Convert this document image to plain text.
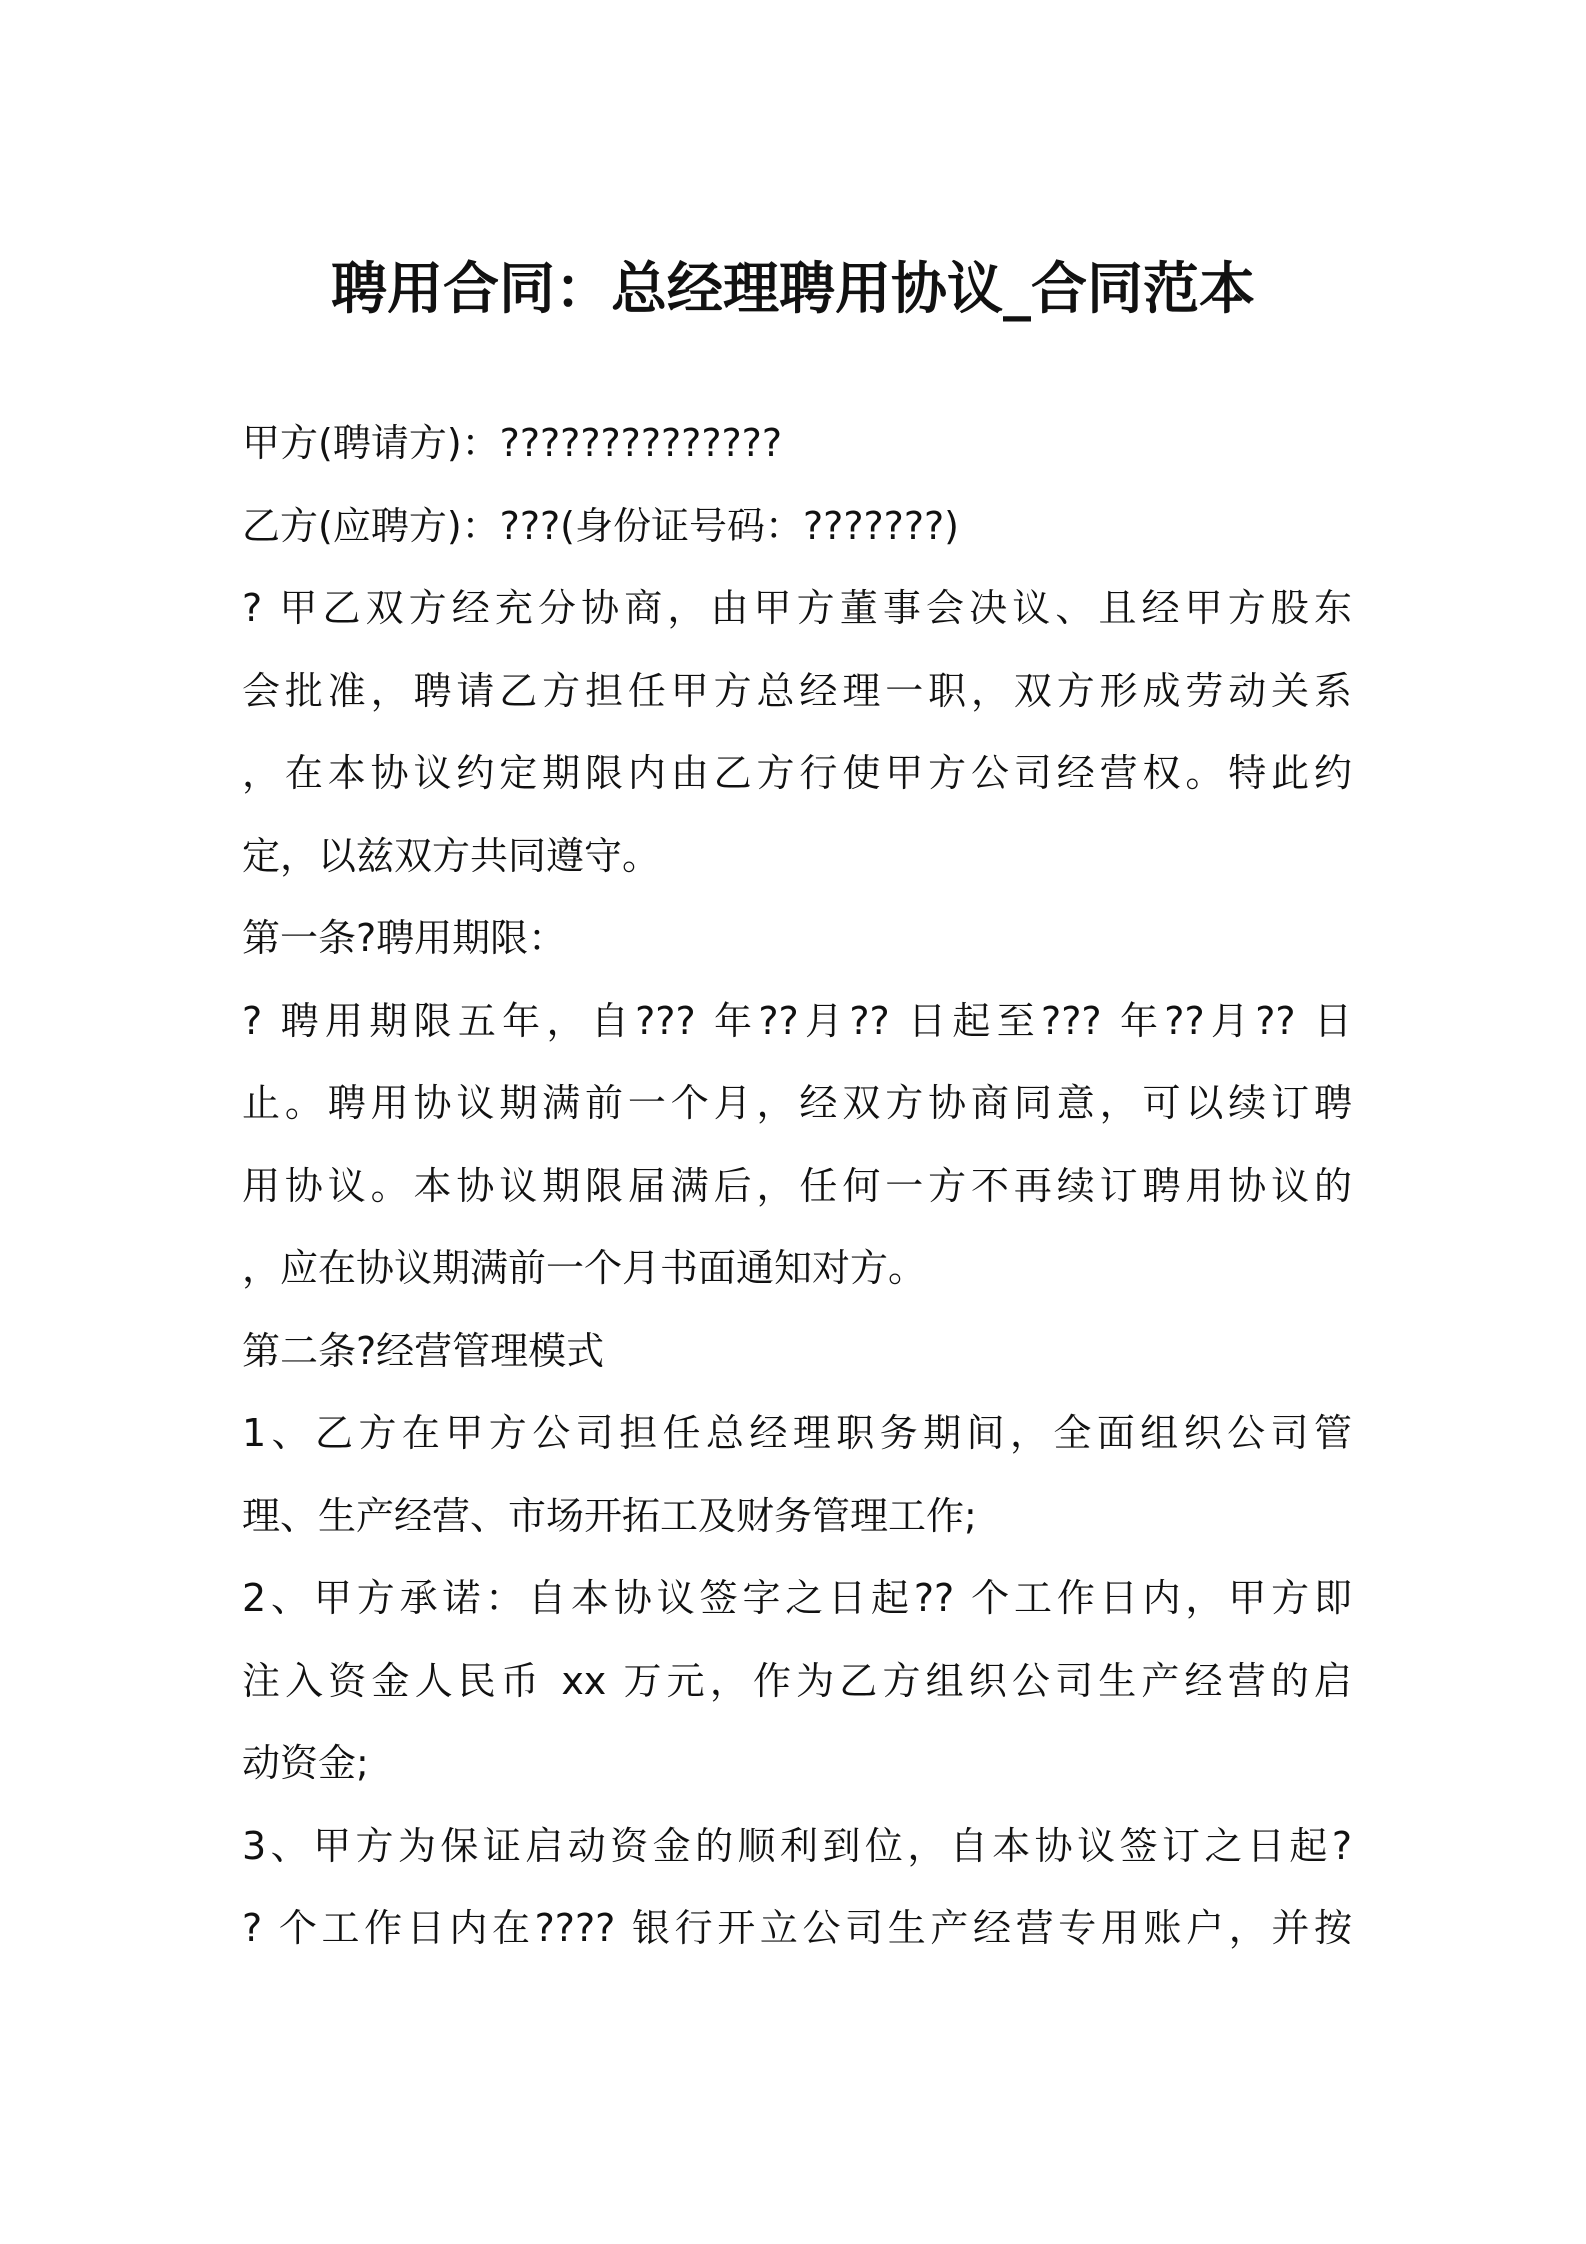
聘用合同：总经理聘用协议_合同范本
甲方(聘请方)：??????????????
乙方(应聘方)：???(身份证号码：???????)
? 甲乙双方经充分协商，由甲方董事会决议、且经甲方股东
会批准，聘请乙方担任甲方总经理一职，双方形成劳动关系
，在本协议约定期限内由乙方行使甲方公司经营权。特此约
定，以兹双方共同遵守。
第一条?聘用期限：
? 聘用期限五年，自??? 年??月?? 日起至??? 年??月?? 日
止。聘用协议期满前一个月，经双方协商同意，可以续订聘
用协议。本协议期限届满后，任何一方不再续订聘用协议的
，应在协议期满前一个月书面通知对方。
第二条?经营管理模式
1、乙方在甲方公司担任总经理职务期间，全面组织公司管
理、生产经营、市场开拓工及财务管理工作;
2、甲方承诺：自本协议签字之日起?? 个工作日内，甲方即
注入资金人民币 xx 万元，作为乙方组织公司生产经营的启
动资金;
3、甲方为保证启动资金的顺利到位，自本协议签订之日起?
? 个工作日内在???? 银行开立公司生产经营专用账户，并按
